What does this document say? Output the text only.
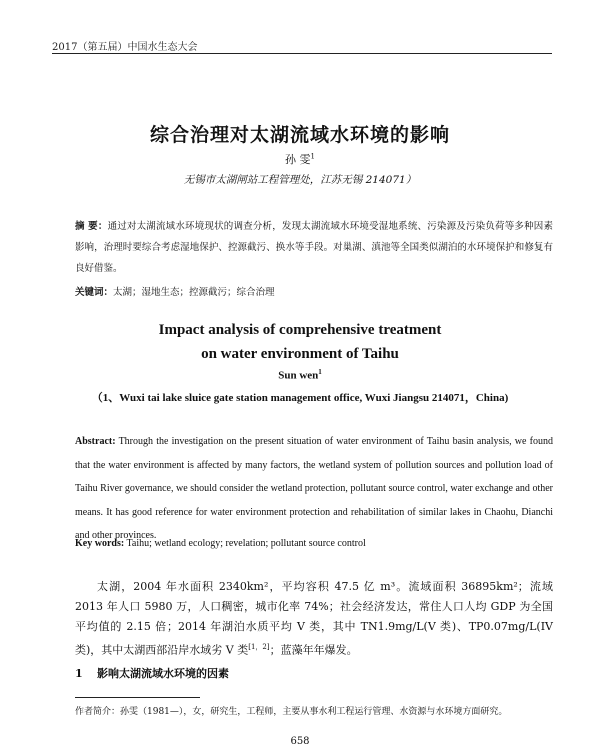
2017（第五届）中国水生态大会
综合治理对太湖流域水环境的影响
孙 雯$^1$
无锡市太湖闸站工程管理处，江苏无锡 214071）
摘 要：通过对太湖流域水环境现状的调查分析，发现太湖流域水环境受湿地系统、污染源及污染负荷等多种因素影响，治理时要综合考虑湿地保护、控源截污、换水等手段。对巢湖、滇池等全国类似湖泊的水环境保护和修复有良好借鉴。
关键词：太湖；湿地生态；控源截污；综合治理
Impact analysis of comprehensive treatment
on water environment of Taihu
Sun wen$^1$
（1、Wuxi tai lake sluice gate station management office, Wuxi Jiangsu 214071，China)
Abstract: Through the investigation on the present situation of water environment of Taihu basin analysis, we found that the water environment is affected by many factors, the wetland system of pollution sources and pollution load of Taihu River governance, we should consider the wetland protection, pollutant source control, water exchange and other means. It has good reference for water environment protection and rehabilitation of similar lakes in Chaohu, Dianchi and other provinces.
Key words: Taihu; wetland ecology; revelation; pollutant source control
太湖，2004 年水面积 2340km²，平均容积 47.5 亿 m³。流域面积 36895km²；流域 2013 年人口 5980 万，人口稠密，城市化率 74%；社会经济发达，常住人口人均 GDP 为全国平均值的 2.15 倍；2014 年湖泊水质平均 V 类，其中 TN1.9mg/L(V 类)、TP0.07mg/L(IV 类)，其中太湖西部沿岸水域劣 V 类[1，2]；蓝藻年年爆发。
1 影响太湖流域水环境的因素
作者简介：孙雯（1981—），女，研究生，工程师，主要从事水利工程运行管理、水资源与水环境方面研究。
658
